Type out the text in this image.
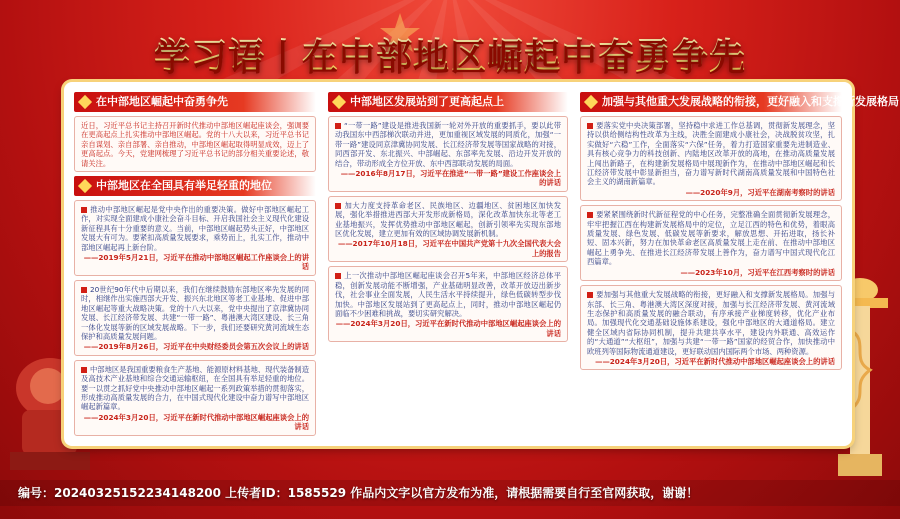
学习语丨在中部地区崛起中奋勇争先
在中部地区崛起中奋勇争先
近日，习近平总书记主持召开新时代推动中部地区崛起座谈会，强调要在更高起点上扎实推动中部地区崛起。党的十八大以来，习近平总书记亲自谋划、亲自部署、亲自推动，中部地区崛起取得明显成效，迈上了更高起点。今天，党建网梳理了习近平总书记的部分相关重要论述，敬请关注。
中部地区在全国具有举足轻重的地位
推动中部地区崛起是党中央作出的重要决策。做好中部地区崛起工作，对实现全面建成小康社会奋斗目标、开启我国社会主义现代化建设新征程具有十分重要的意义。当前，中部地区崛起势头正好，中部地区发展大有可为。要紧扣高质量发展要求，乘势而上，扎实工作，推动中部地区崛起再上新台阶。
——2019年5月21日，习近平在推动中部地区崛起工作座谈会上的讲话
20世纪90年代中后期以来，我们在继续鼓励东部地区率先发展的同时，相继作出实施西部大开发、振兴东北地区等老工业基地、促进中部地区崛起等重大战略决策。党的十八大以来，党中央提出了京津冀协同发展、长江经济带发展、共建“一带一路”、粤港澳大湾区建设、长三角一体化发展等新的区域发展战略。下一步，我们还要研究黄河流域生态保护和高质量发展问题。
——2019年8月26日，习近平在中央财经委员会第五次会议上的讲话
中部地区是我国重要粮食生产基地、能源原材料基地、现代装备制造及高技术产业基地和综合交通运输枢纽，在全国具有举足轻重的地位。要一以贯之抓好党中央推动中部地区崛起一系列政策举措的贯彻落实，形成推动高质量发展的合力，在中国式现代化建设中奋力谱写中部地区崛起新篇章。
——2024年3月20日，习近平在新时代推动中部地区崛起座谈会上的讲话
中部地区发展站到了更高起点上
“一带一路”建设是推进我国新一轮对外开放的重要抓手，要以此带动我国东中西部梯次联动并进，更加重视区域发展的同质化，加强“一带一路”建设同京津冀协同发展、长江经济带发展等国家战略的对接，同西部开发、东北振兴、中部崛起、东部率先发展、沿边开发开放的结合，带动形成全方位开放、东中西部联动发展的局面。
——2016年8月17日，习近平在推进“一带一路”建设工作座谈会上的讲话
加大力度支持革命老区、民族地区、边疆地区、贫困地区加快发展，强化举措推进西部大开发形成新格局，深化改革加快东北等老工业基地振兴，发挥优势推动中部地区崛起，创新引领率先实现东部地区优化发展，建立更加有效的区域协调发展新机制。
——2017年10月18日，习近平在中国共产党第十九次全国代表大会上的报告
上一次推动中部地区崛起座谈会召开5年来，中部地区经济总体平稳，创新发展动能不断增强，产业基础明显改善，改革开放迈出新步伐，社会事业全面发展，人民生活水平持续提升，绿色低碳转型步伐加快。中部地区发展站到了更高起点上，同时，推动中部地区崛起仍面临不少困难和挑战，要切实研究解决。
——2024年3月20日，习近平在新时代推动中部地区崛起座谈会上的讲话
加强与其他重大发展战略的衔接，更好融入和支撑新发展格局
要落实党中央决策部署，坚持稳中求进工作总基调，贯彻新发展理念，坚持以供给侧结构性改革为主线，决胜全面建成小康社会，决战脱贫攻坚，扎实做好“六稳”工作，全面落实“六保”任务，着力打造国家重要先进制造业、具有核心竞争力的科技创新、内陆地区改革开放的高地，在推动高质量发展上闯出新路子，在构建新发展格局中展现新作为，在推动中部地区崛起和长江经济带发展中彰显新担当，奋力谱写新时代湖南高质量发展和中国特色社会主义的湖南新篇章。
——2020年9月，习近平在湖南考察时的讲话
要紧紧围绕新时代新征程党的中心任务，完整准确全面贯彻新发展理念，牢牢把握江西在构建新发展格局中的定位，立足江西的特色和优势，着眼高质量发展、绿色发展、低碳发展等新要求，解放思想、开拓进取，扬长补短、固本兴新，努力在加快革命老区高质量发展上走在前、在推动中部地区崛起上勇争先、在推进长江经济带发展上善作为，奋力谱写中国式现代化江西篇章。
——2023年10月，习近平在江西考察时的讲话
要加强与其他重大发展战略的衔接，更好融入和支撑新发展格局。加强与东部、长三角、粤港澳大湾区深度对接，加强与长江经济带发展、黄河流域生态保护和高质量发展的融合联动，有序承接产业梯度转移，优化产业布局。加强现代化交通基础设施体系建设，强化中部地区的大通道格局。建立健全区域内省际协同机制，提升共建共享水平，建设内外联通、高效运作的“大通道”“大枢纽”，加强与共建“一带一路”国家的经贸合作，加快推动中欧班列等国际物流通道建设，更好联动国内国际两个市场、两种资源。
——2024年3月20日，习近平在新时代推动中部地区崛起座谈会上的讲话
编号：20240325152234148200 上传者ID：1585529 作品内文字以官方发布为准，请根据需要自行至官网获取，谢谢！
